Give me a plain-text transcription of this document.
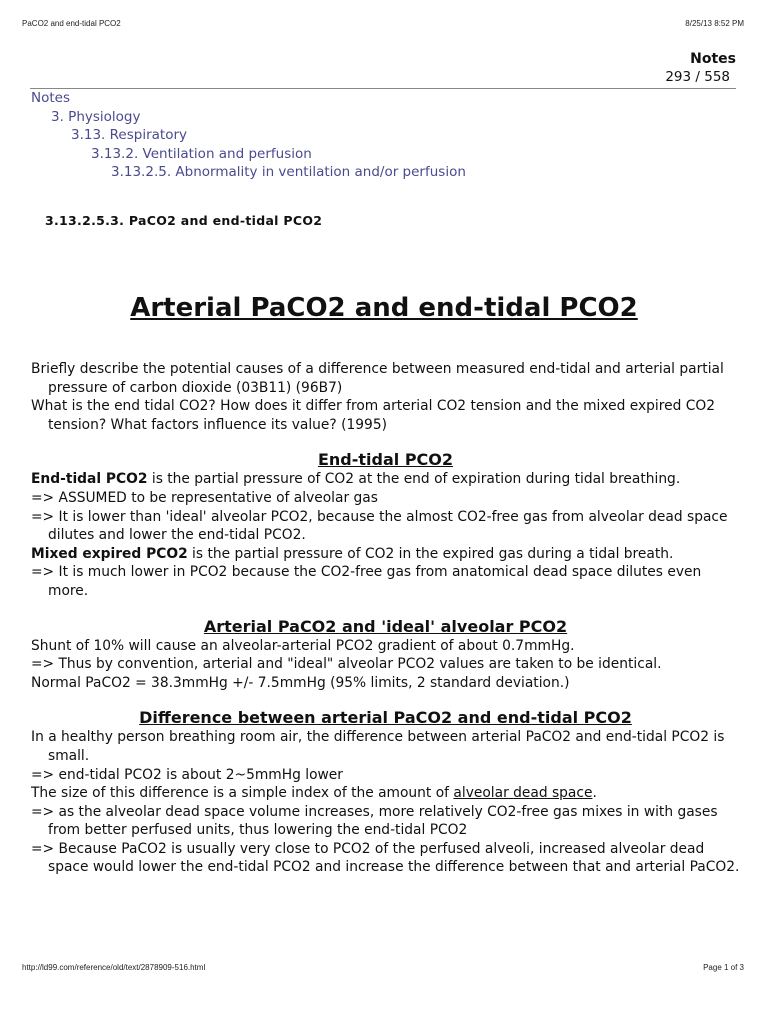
PaCO2 and end-tidal PCO2	8/25/13 8:52 PM
Notes
293 / 558
Notes
3. Physiology
3.13. Respiratory
3.13.2. Ventilation and perfusion
3.13.2.5. Abnormality in ventilation and/or perfusion
3.13.2.5.3. PaCO2 and end-tidal PCO2
Arterial PaCO2 and end-tidal PCO2

Briefly describe the potential causes of a difference between measured end-tidal and arterial partial pressure of carbon dioxide (03B11) (96B7)

What is the end tidal CO2? How does it differ from arterial CO2 tension and the mixed expired CO2 tension? What factors influence its value? (1995)

End-tidal PCO2

End-tidal PCO2 is the partial pressure of CO2 at the end of expiration during tidal breathing.

=> ASSUMED to be representative of alveolar gas

=> It is lower than 'ideal' alveolar PCO2, because the almost CO2-free gas from alveolar dead space dilutes and lower the end-tidal PCO2.

Mixed expired PCO2 is the partial pressure of CO2 in the expired gas during a tidal breath.

=> It is much lower in PCO2 because the CO2-free gas from anatomical dead space dilutes even more.

Arterial PaCO2 and 'ideal' alveolar PCO2

Shunt of 10% will cause an alveolar-arterial PCO2 gradient of about 0.7mmHg.

=> Thus by convention, arterial and "ideal" alveolar PCO2 values are taken to be identical.

Normal PaCO2 = 38.3mmHg +/- 7.5mmHg (95% limits, 2 standard deviation.)

Difference between arterial PaCO2 and end-tidal PCO2

In a healthy person breathing room air, the difference between arterial PaCO2 and end-tidal PCO2 is small.

=> end-tidal PCO2 is about 2~5mmHg lower

The size of this difference is a simple index of the amount of alveolar dead space.

=> as the alveolar dead space volume increases, more relatively CO2-free gas mixes in with gases from better perfused units, thus lowering the end-tidal PCO2

=> Because PaCO2 is usually very close to PCO2 of the perfused alveoli, increased alveolar dead space would lower the end-tidal PCO2 and increase the difference between that and arterial PaCO2.

http://ld99.com/reference/old/text/2878909-516.html	Page 1 of 3
